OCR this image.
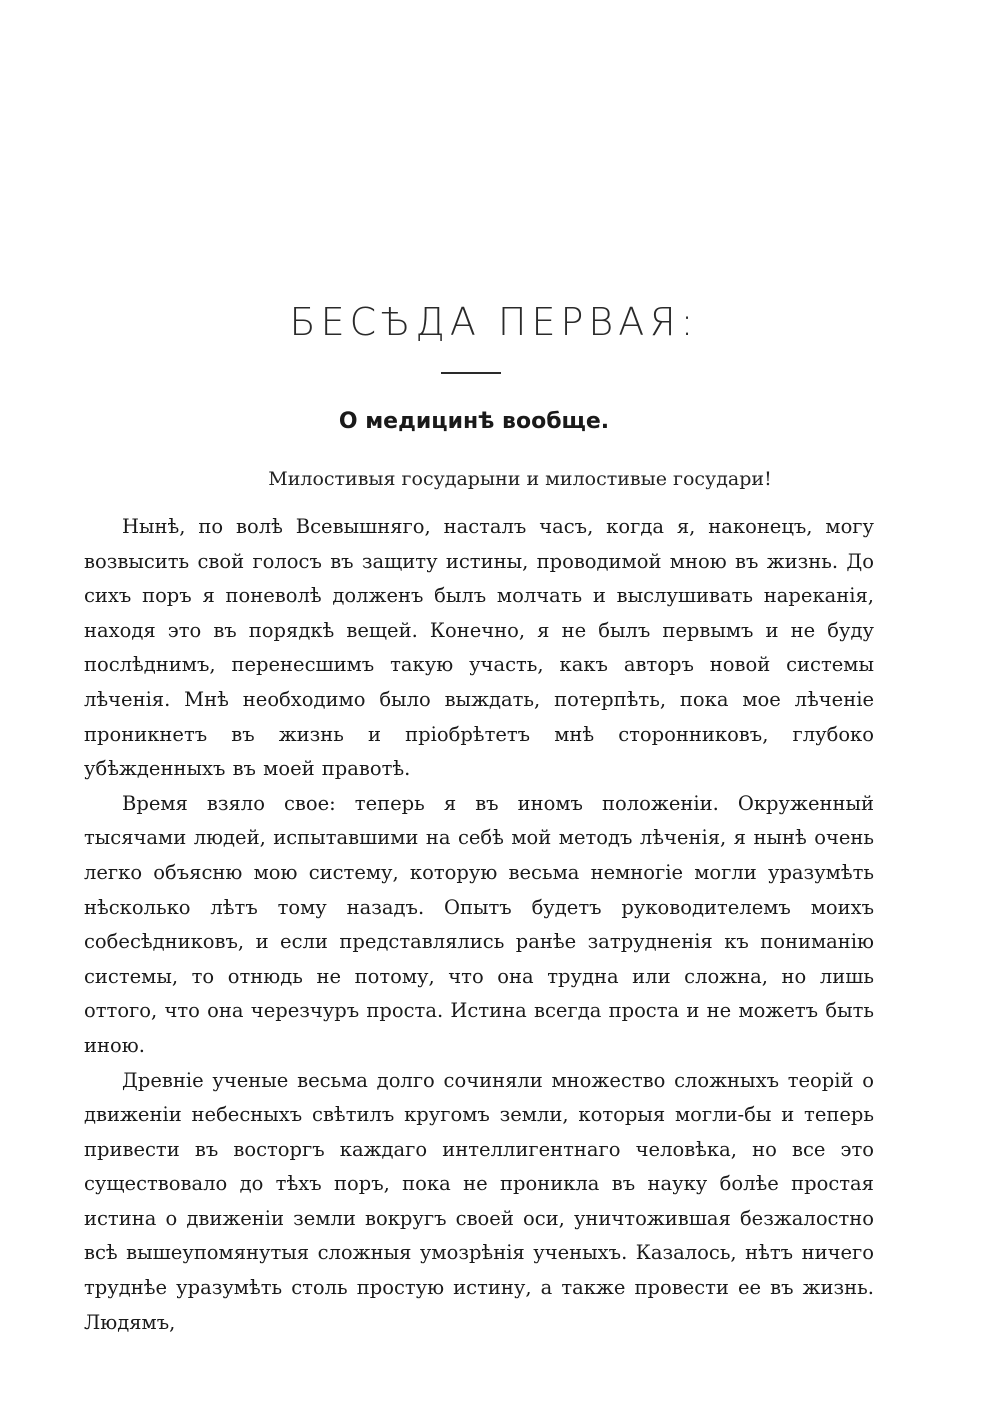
БЕСѢДА ПЕРВАЯ:
О медицинѣ вообще.

Милостивыя государыни и милостивые государи!

Нынѣ, по волѣ Всевышняго, насталъ часъ, когда я, наконецъ, могу возвысить свой голосъ въ защиту истины, проводимой мною въ жизнь. До сихъ поръ я поневолѣ долженъ былъ молчать и выслушивать нареканія, находя это въ порядкѣ вещей. Конечно, я не былъ первымъ и не буду послѣднимъ, перенесшимъ такую участь, какъ авторъ новой системы лѣченія. Мнѣ необходимо было выждать, потерпѣть, пока мое лѣченіе проникнетъ въ жизнь и пріобрѣтетъ мнѣ сторонниковъ, глубоко убѣжденныхъ въ моей правотѣ.

Время взяло свое: теперь я въ иномъ положеніи. Окруженный тысячами людей, испытавшими на себѣ мой методъ лѣченія, я нынѣ очень легко объясню мою систему, которую весьма немногіе могли уразумѣть нѣсколько лѣтъ тому назадъ. Опытъ будетъ руководителемъ моихъ собесѣдниковъ, и если представлялись ранѣе затрудненія къ пониманію системы, то отнюдь не потому, что она трудна или сложна, но лишь оттого, что она черезчуръ проста. Истина всегда проста и не можетъ быть иною.

Древніе ученые весьма долго сочиняли множество сложныхъ теорій о движеніи небесныхъ свѣтилъ кругомъ земли, которыя могли-бы и теперь привести въ восторгъ каждаго интеллигентнаго человѣка, но все это существовало до тѣхъ поръ, пока не проникла въ науку болѣе простая истина о движеніи земли вокругъ своей оси, уничтожившая безжалостно всѣ вышеупомянутыя сложныя умозрѣнія ученыхъ. Казалось, нѣтъ ничего труднѣе уразумѣть столь простую истину, а также провести ее въ жизнь. Людямъ,
